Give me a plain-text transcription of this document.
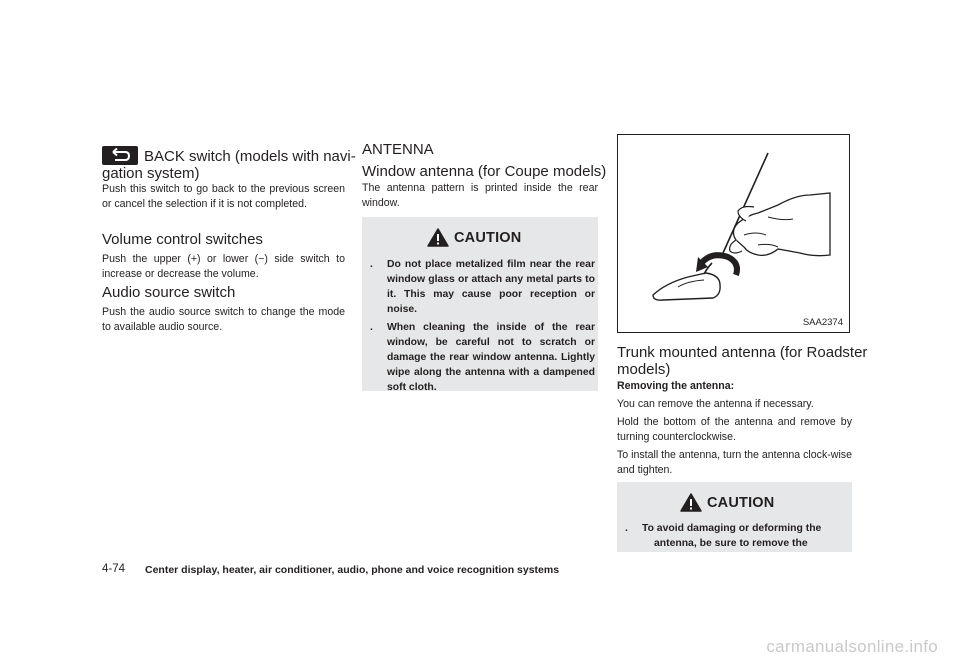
BACK switch (models with navi-
gation system)

Push this switch to go back to the previous screen or cancel the selection if it is not completed.

Volume control switches

Push the upper (+) or lower (−) side switch to increase or decrease the volume.

Audio source switch

Push the audio source switch to change the mode to available audio source.

ANTENNA
Window antenna (for Coupe models)

The antenna pattern is printed inside the rear window.

CAUTION
. Do not place metalized film near the rear window glass or attach any metal parts to it. This may cause poor reception or noise.
. When cleaning the inside of the rear window, be careful not to scratch or damage the rear window antenna. Lightly wipe along the antenna with a dampened soft cloth.
SAA2374
Trunk mounted antenna (for Roadster
models)

Removing the antenna:

You can remove the antenna if necessary.

Hold the bottom of the antenna and remove by turning counterclockwise.

To install the antenna, turn the antenna clock-wise and tighten.

CAUTION
. To avoid damaging or deforming the
antenna, be sure to remove the
4-74 Center display, heater, air conditioner, audio, phone and voice recognition systems
carmanualsonline.info
